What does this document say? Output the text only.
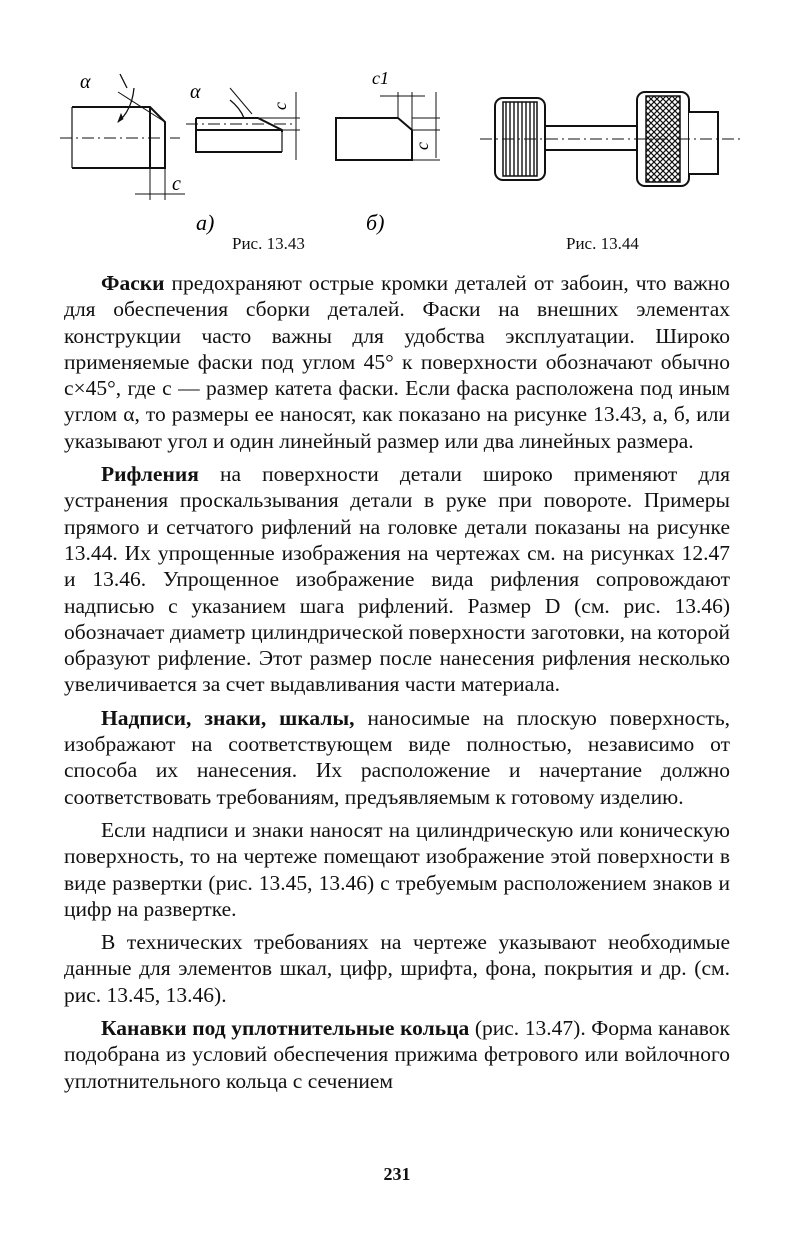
α
c
α
c
c1
c
а)	б)
Рис. 13.43	Рис. 13.44

Фаски предохраняют острые кромки деталей от забоин, что важно для обеспечения сборки деталей. Фаски на внешних элементах конструкции часто важны для удобства эксплуатации. Широко применяемые фаски под углом 45° к поверхности обозначают обычно c×45°, где c — размер катета фаски. Если фаска расположена под иным углом α, то размеры ее наносят, как показано на рисунке 13.43, а, б, или указывают угол и один линейный размер или два линейных размера.

Рифления на поверхности детали широко применяют для устранения проскальзывания детали в руке при повороте. Примеры прямого и сетчатого рифлений на головке детали показаны на рисунке 13.44. Их упрощенные изображения на чертежах см. на рисунках 12.47 и 13.46. Упрощенное изображение вида рифления сопровождают надписью с указанием шага рифлений. Размер D (см. рис. 13.46) обозначает диаметр цилиндрической поверхности заготовки, на которой образуют рифление. Этот размер после нанесения рифления несколько увеличивается за счет выдавливания части материала.

Надписи, знаки, шкалы, наносимые на плоскую поверхность, изображают на соответствующем виде полностью, независимо от способа их нанесения. Их расположение и начертание должно соответствовать требованиям, предъявляемым к готовому изделию.

Если надписи и знаки наносят на цилиндрическую или коническую поверхность, то на чертеже помещают изображение этой поверхности в виде развертки (рис. 13.45, 13.46) с требуемым расположением знаков и цифр на развертке.

В технических требованиях на чертеже указывают необходимые данные для элементов шкал, цифр, шрифта, фона, покрытия и др. (см. рис. 13.45, 13.46).

Канавки под уплотнительные кольца (рис. 13.47). Форма канавок подобрана из условий обеспечения прижима фетрового или войлочного уплотнительного кольца с сечением

231
